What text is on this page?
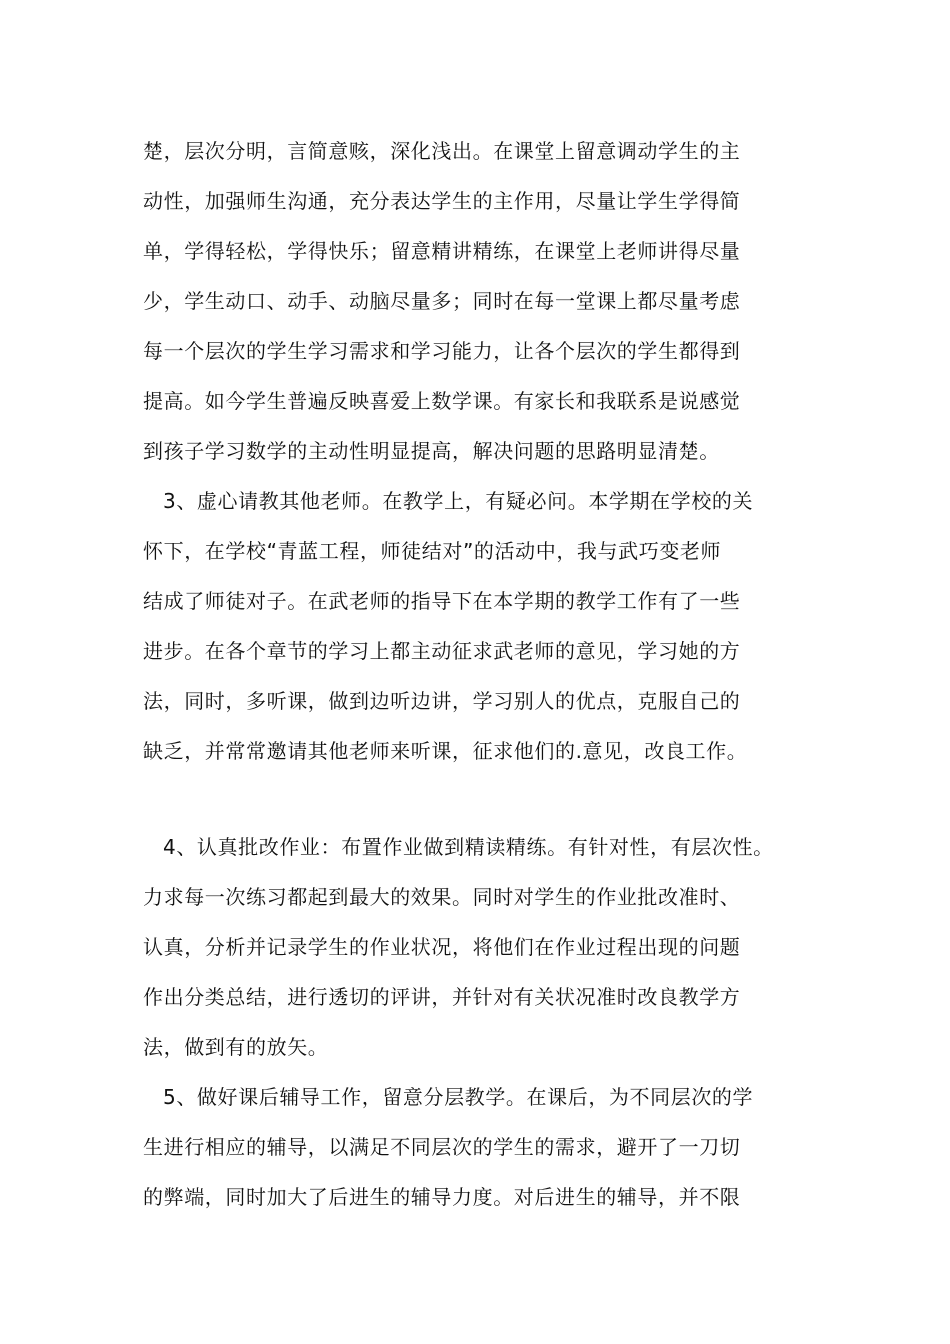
楚，层次分明，言简意赅，深化浅出。在课堂上留意调动学生的主
动性，加强师生沟通，充分表达学生的主作用，尽量让学生学得简
单，学得轻松，学得快乐；留意精讲精练，在课堂上老师讲得尽量
少，学生动口、动手、动脑尽量多；同时在每一堂课上都尽量考虑
每一个层次的学生学习需求和学习能力，让各个层次的学生都得到
提高。如今学生普遍反映喜爱上数学课。有家长和我联系是说感觉
到孩子学习数学的主动性明显提高，解决问题的思路明显清楚。
3、虚心请教其他老师。在教学上，有疑必问。本学期在学校的关
怀下，在学校“青蓝工程，师徒结对”的活动中，我与武巧变老师
结成了师徒对子。在武老师的指导下在本学期的教学工作有了一些
进步。在各个章节的学习上都主动征求武老师的意见，学习她的方
法，同时，多听课，做到边听边讲，学习别人的优点，克服自己的
缺乏，并常常邀请其他老师来听课，征求他们的.意见，改良工作。
4、认真批改作业：布置作业做到精读精练。有针对性，有层次性。
力求每一次练习都起到最大的效果。同时对学生的作业批改准时、
认真，分析并记录学生的作业状况，将他们在作业过程出现的问题
作出分类总结，进行透切的评讲，并针对有关状况准时改良教学方
法，做到有的放矢。
5、做好课后辅导工作，留意分层教学。在课后，为不同层次的学
生进行相应的辅导，以满足不同层次的学生的需求，避开了一刀切
的弊端，同时加大了后进生的辅导力度。对后进生的辅导，并不限
